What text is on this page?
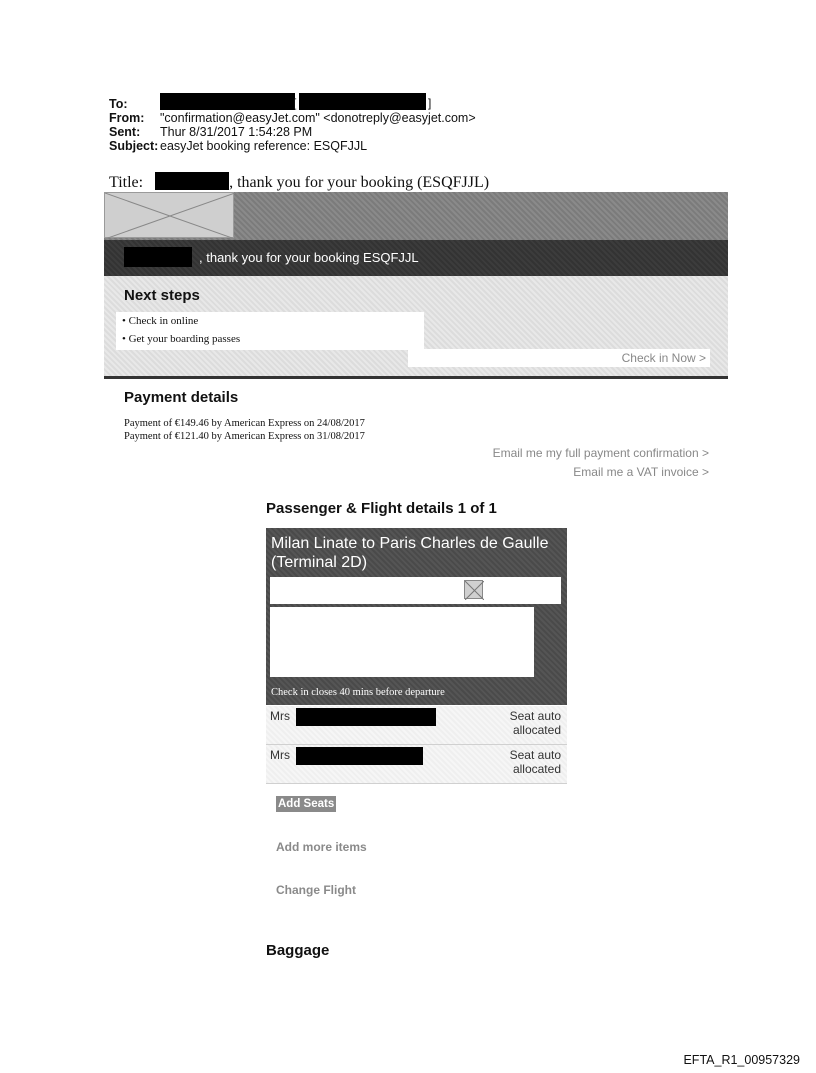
To:
From: "confirmation@easyJet.com" <donotreply@easyjet.com>
Sent: Thur 8/31/2017 1:54:28 PM
Subject: easyJet booking reference: ESQFJJL
[	]
Title:	, thank you for your booking (ESQFJJL)
, thank you for your booking ESQFJJL
Next steps
• Check in online
• Get your boarding passes
Check in Now >
Payment details
Payment of €149.46 by American Express on 24/08/2017
Payment of €121.40 by American Express on 31/08/2017
Email me my full payment confirmation >
Email me a VAT invoice >
Passenger & Flight details 1 of 1
Milan Linate to Paris Charles de Gaulle (Terminal 2D)
Check in closes 40 mins before departure
Mrs	Seat auto allocated
Mrs	Seat auto allocated
Add Seats
Add more items
Change Flight
Baggage
EFTA_R1_00957329
